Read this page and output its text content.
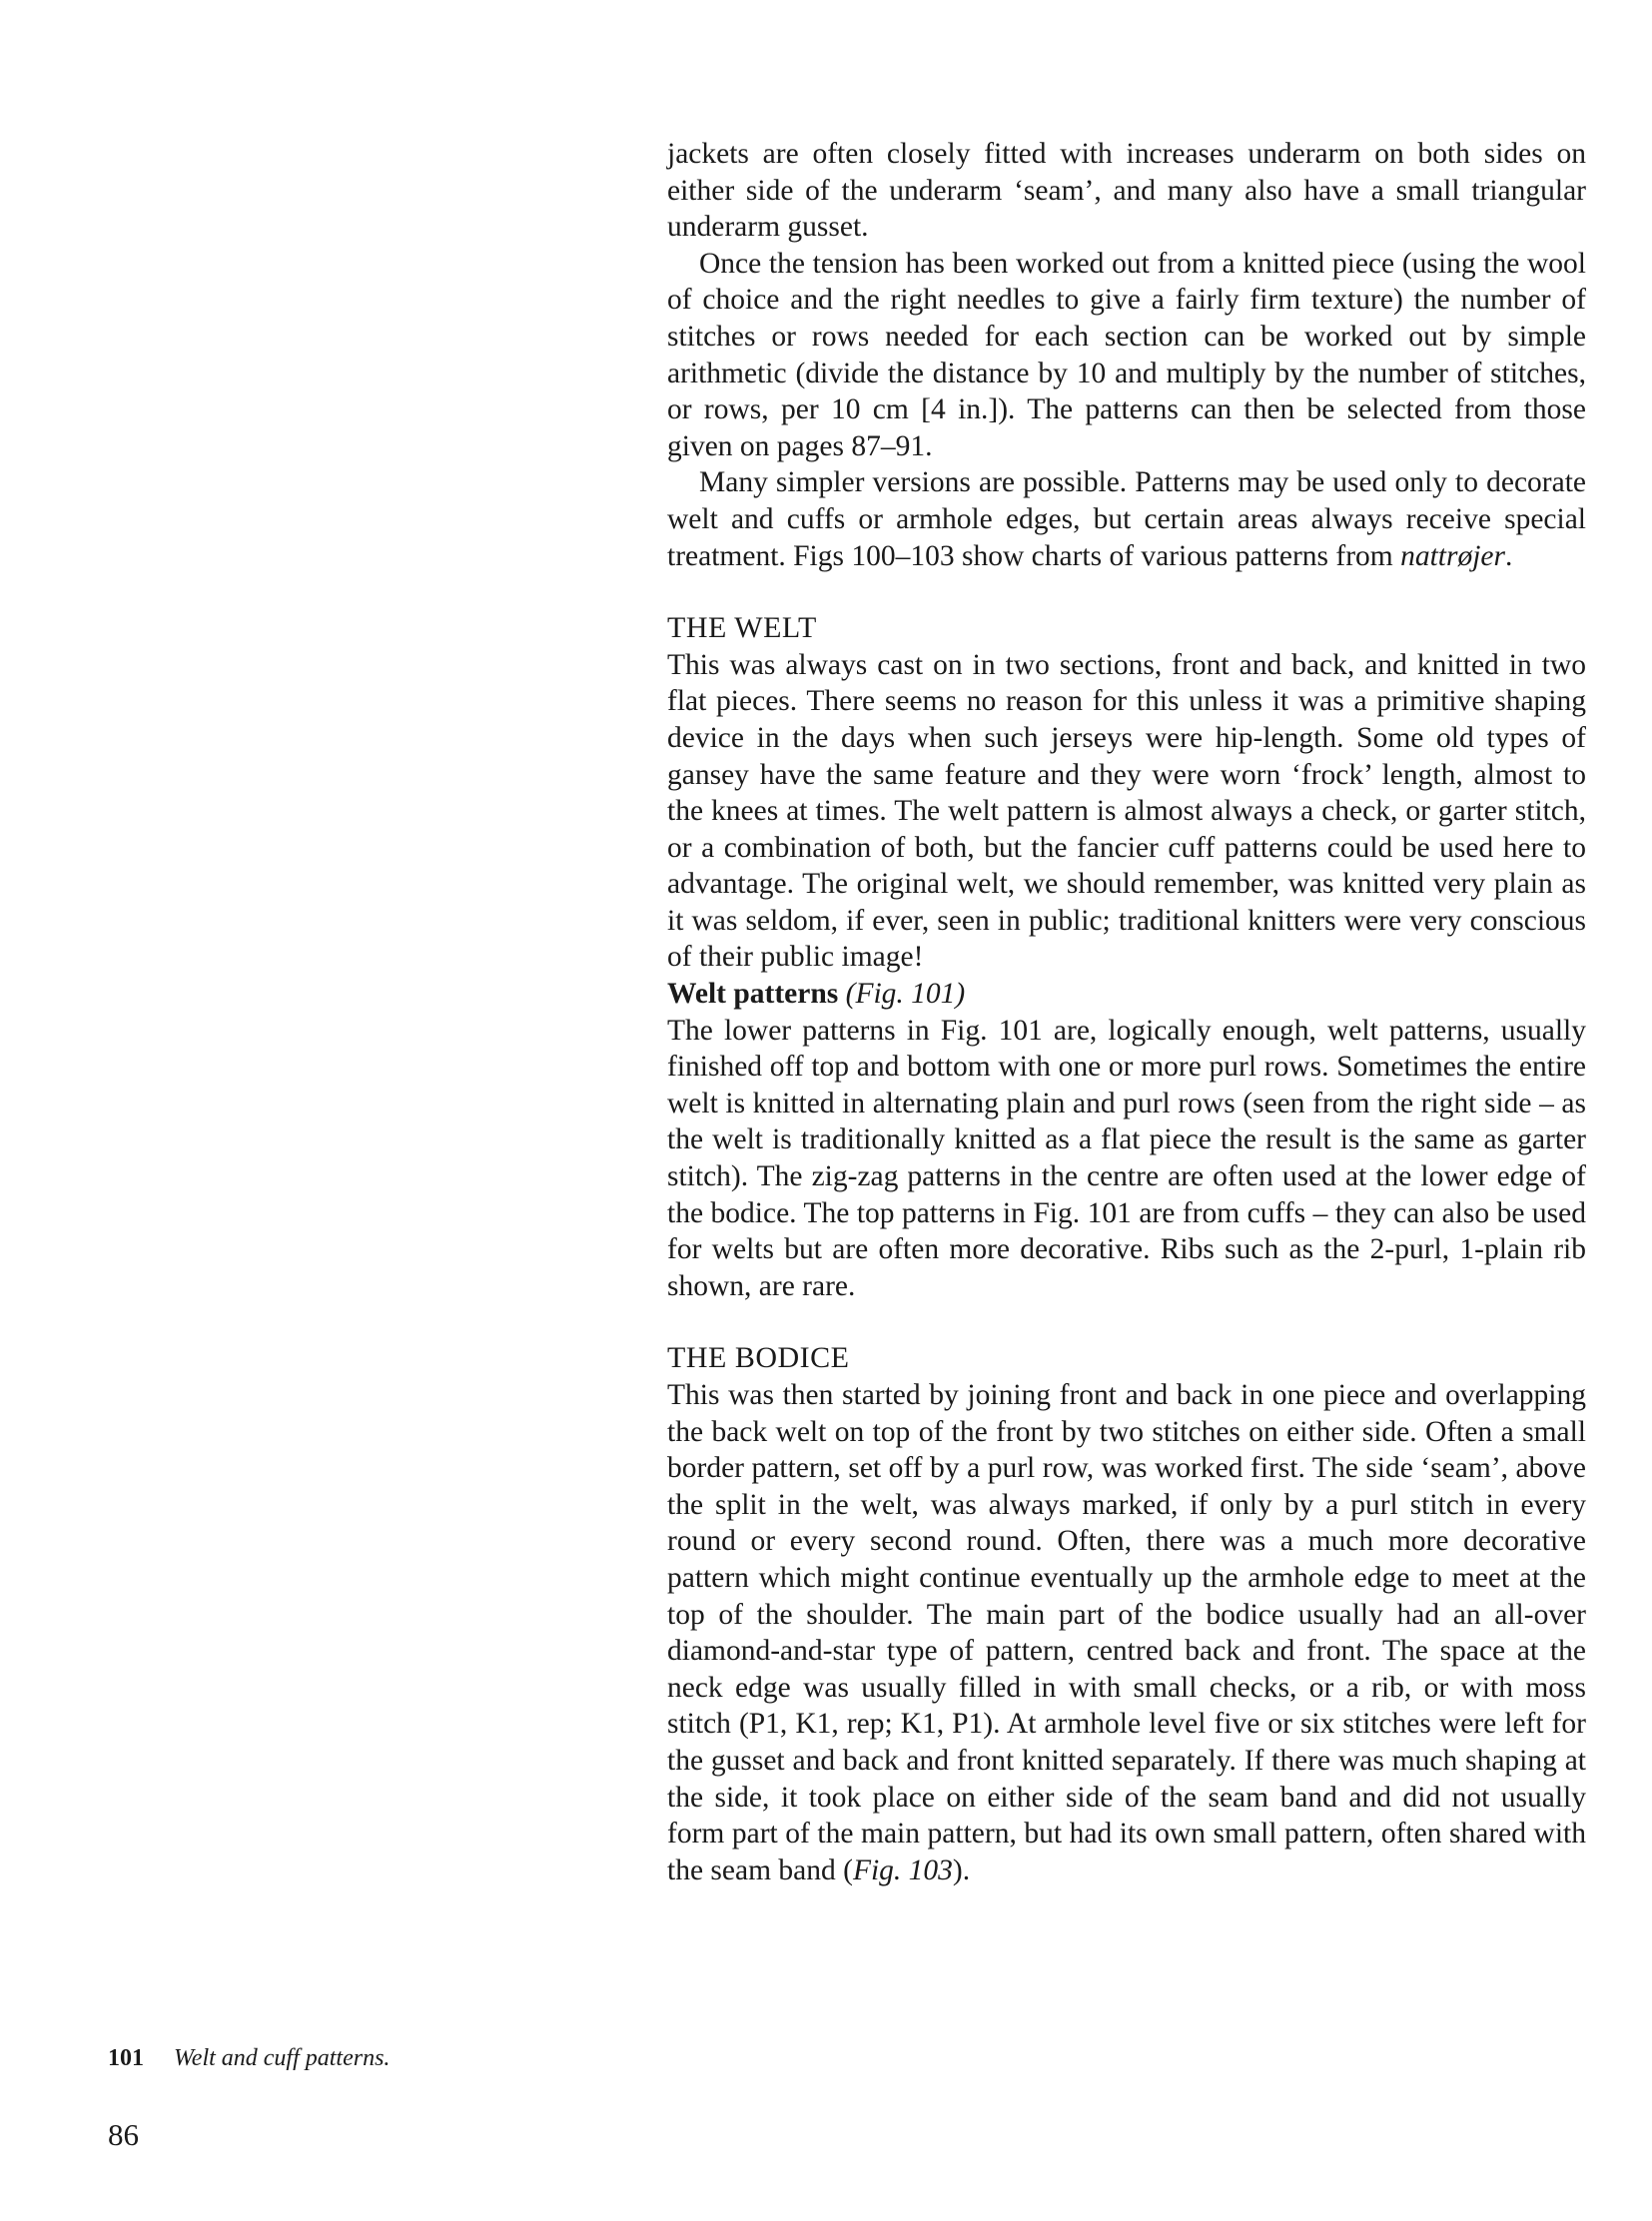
jackets are often closely fitted with increases underarm on both sides on either side of the underarm ‘seam’, and many also have a small triangular underarm gusset.

Once the tension has been worked out from a knitted piece (using the wool of choice and the right needles to give a fairly firm texture) the number of stitches or rows needed for each section can be worked out by simple arithmetic (divide the distance by 10 and multiply by the number of stitches, or rows, per 10 cm [4 in.]). The patterns can then be selected from those given on pages 87–91.

Many simpler versions are possible. Patterns may be used only to decorate welt and cuffs or armhole edges, but certain areas always receive special treatment. Figs 100–103 show charts of various patterns from nattrøjer.

THE WELT

This was always cast on in two sections, front and back, and knitted in two flat pieces. There seems no reason for this unless it was a primitive shaping device in the days when such jerseys were hip-length. Some old types of gansey have the same feature and they were worn ‘frock’ length, almost to the knees at times. The welt pattern is almost always a check, or garter stitch, or a combination of both, but the fancier cuff patterns could be used here to advantage. The original welt, we should remember, was knitted very plain as it was seldom, if ever, seen in public; traditional knitters were very conscious of their public image!

Welt patterns (Fig. 101)

The lower patterns in Fig. 101 are, logically enough, welt patterns, usually finished off top and bottom with one or more purl rows. Sometimes the entire welt is knitted in alternating plain and purl rows (seen from the right side – as the welt is traditionally knitted as a flat piece the result is the same as garter stitch). The zig-zag patterns in the centre are often used at the lower edge of the bodice. The top patterns in Fig. 101 are from cuffs – they can also be used for welts but are often more decorative. Ribs such as the 2-purl, 1-plain rib shown, are rare.

THE BODICE

This was then started by joining front and back in one piece and overlapping the back welt on top of the front by two stitches on either side. Often a small border pattern, set off by a purl row, was worked first. The side ‘seam’, above the split in the welt, was always marked, if only by a purl stitch in every round or every second round. Often, there was a much more decorative pattern which might continue eventually up the armhole edge to meet at the top of the shoulder. The main part of the bodice usually had an all-over diamond-and-star type of pattern, centred back and front. The space at the neck edge was usually filled in with small checks, or a rib, or with moss stitch (P1, K1, rep; K1, P1). At armhole level five or six stitches were left for the gusset and back and front knitted separately. If there was much shaping at the side, it took place on either side of the seam band and did not usually form part of the main pattern, but had its own small pattern, often shared with the seam band (Fig. 103).

101 Welt and cuff patterns.
86
